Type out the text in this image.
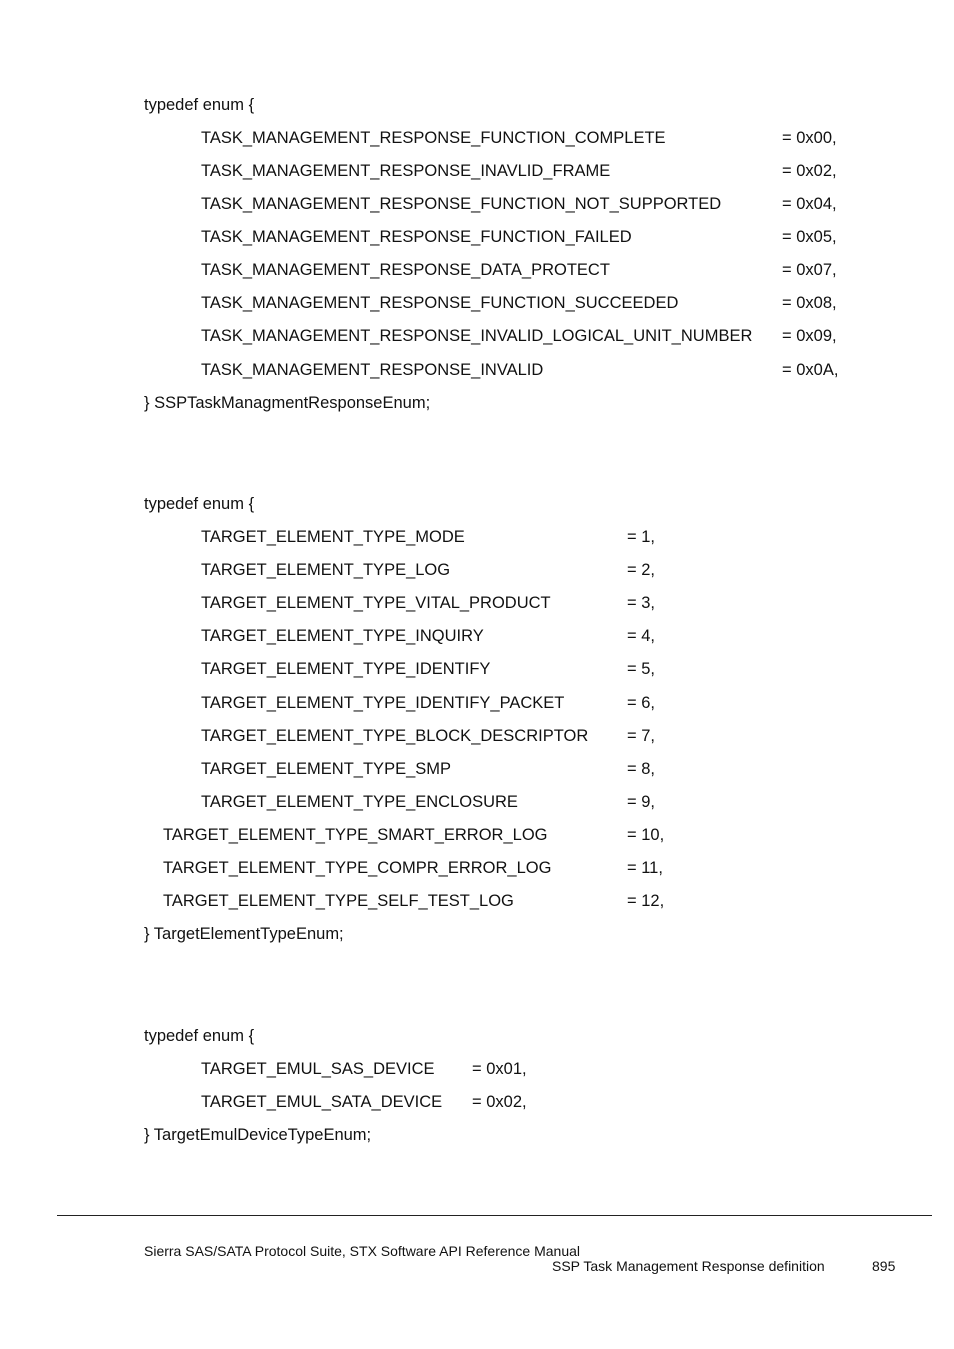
typedef enum {
TASK_MANAGEMENT_RESPONSE_FUNCTION_COMPLETE	= 0x00,
TASK_MANAGEMENT_RESPONSE_INAVLID_FRAME	= 0x02,
TASK_MANAGEMENT_RESPONSE_FUNCTION_NOT_SUPPORTED	= 0x04,
TASK_MANAGEMENT_RESPONSE_FUNCTION_FAILED	= 0x05,
TASK_MANAGEMENT_RESPONSE_DATA_PROTECT	= 0x07,
TASK_MANAGEMENT_RESPONSE_FUNCTION_SUCCEEDED	= 0x08,
TASK_MANAGEMENT_RESPONSE_INVALID_LOGICAL_UNIT_NUMBER = 0x09,
TASK_MANAGEMENT_RESPONSE_INVALID	= 0x0A,
} SSPTaskManagmentResponseEnum;
typedef enum {
TARGET_ELEMENT_TYPE_MODE	= 1,
TARGET_ELEMENT_TYPE_LOG	= 2,
TARGET_ELEMENT_TYPE_VITAL_PRODUCT	= 3,
TARGET_ELEMENT_TYPE_INQUIRY	= 4,
TARGET_ELEMENT_TYPE_IDENTIFY	= 5,
TARGET_ELEMENT_TYPE_IDENTIFY_PACKET	= 6,
TARGET_ELEMENT_TYPE_BLOCK_DESCRIPTOR = 7,
TARGET_ELEMENT_TYPE_SMP	= 8,
TARGET_ELEMENT_TYPE_ENCLOSURE	= 9,
TARGET_ELEMENT_TYPE_SMART_ERROR_LOG	= 10,
TARGET_ELEMENT_TYPE_COMPR_ERROR_LOG	= 11,
TARGET_ELEMENT_TYPE_SELF_TEST_LOG	= 12,
} TargetElementTypeEnum;
typedef enum {
TARGET_EMUL_SAS_DEVICE = 0x01,
TARGET_EMUL_SATA_DEVICE = 0x02,
} TargetEmulDeviceTypeEnum;
Sierra SAS/SATA Protocol Suite, STX Software API Reference Manual
SSP Task Management Response definition	895
